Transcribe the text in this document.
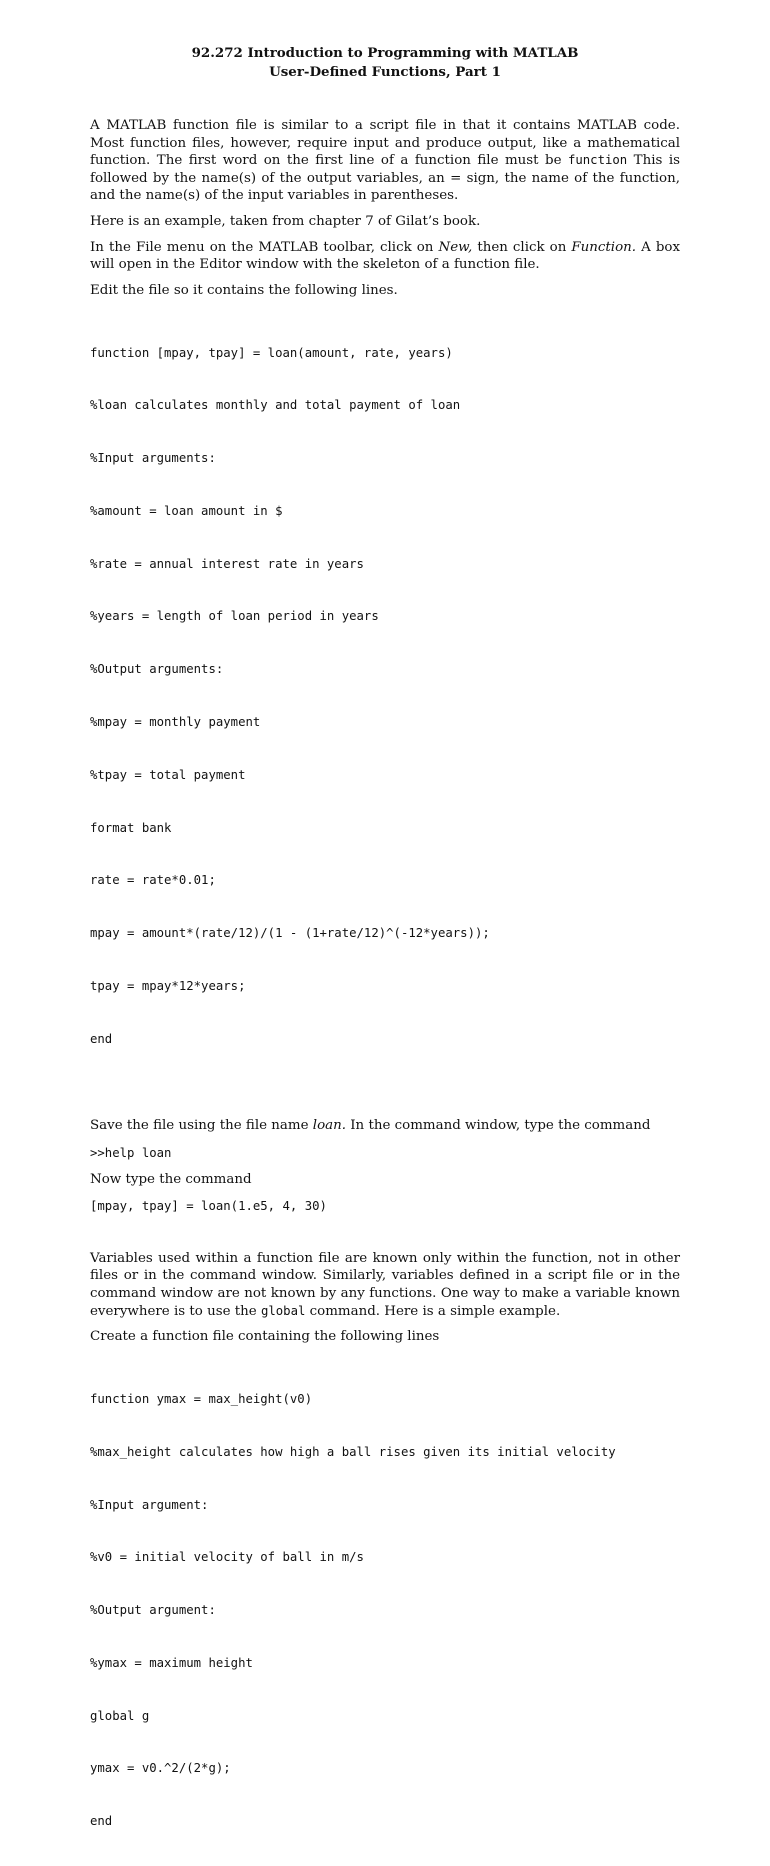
92.272 Introduction to Programming with MATLAB
User-Defined Functions, Part 1

A MATLAB function file is similar to a script file in that it contains MATLAB code. Most function files, however, require input and produce output, like a mathematical function. The first word on the first line of a function file must be function This is followed by the name(s) of the output variables, an = sign, the name of the function, and the name(s) of the input variables in parentheses.

Here is an example, taken from chapter 7 of Gilat’s book.

In the File menu on the MATLAB toolbar, click on New, then click on Function. A box will open in the Editor window with the skeleton of a function file.

Edit the file so it contains the following lines.

function [mpay, tpay] = loan(amount, rate, years)

%loan calculates monthly and total payment of loan

%Input arguments:

%amount = loan amount in $

%rate = annual interest rate in years

%years = length of loan period in years

%Output arguments:

%mpay = monthly payment

%tpay = total payment

format bank

rate = rate*0.01;

mpay = amount*(rate/12)/(1 - (1+rate/12)^(-12*years));

tpay = mpay*12*years;

end

Save the file using the file name loan. In the command window, type the command

>>help loan

Now type the command

[mpay, tpay] = loan(1.e5, 4, 30)

Variables used within a function file are known only within the function, not in other files or in the command window. Similarly, variables defined in a script file or in the command window are not known by any functions. One way to make a variable known everywhere is to use the global command. Here is a simple example.

Create a function file containing the following lines

function ymax = max_height(v0)

%max_height calculates how high a ball rises given its initial velocity

%Input argument:

%v0 = initial velocity of ball in m/s

%Output argument:

%ymax = maximum height

global g

ymax = v0.^2/(2*g);

end
